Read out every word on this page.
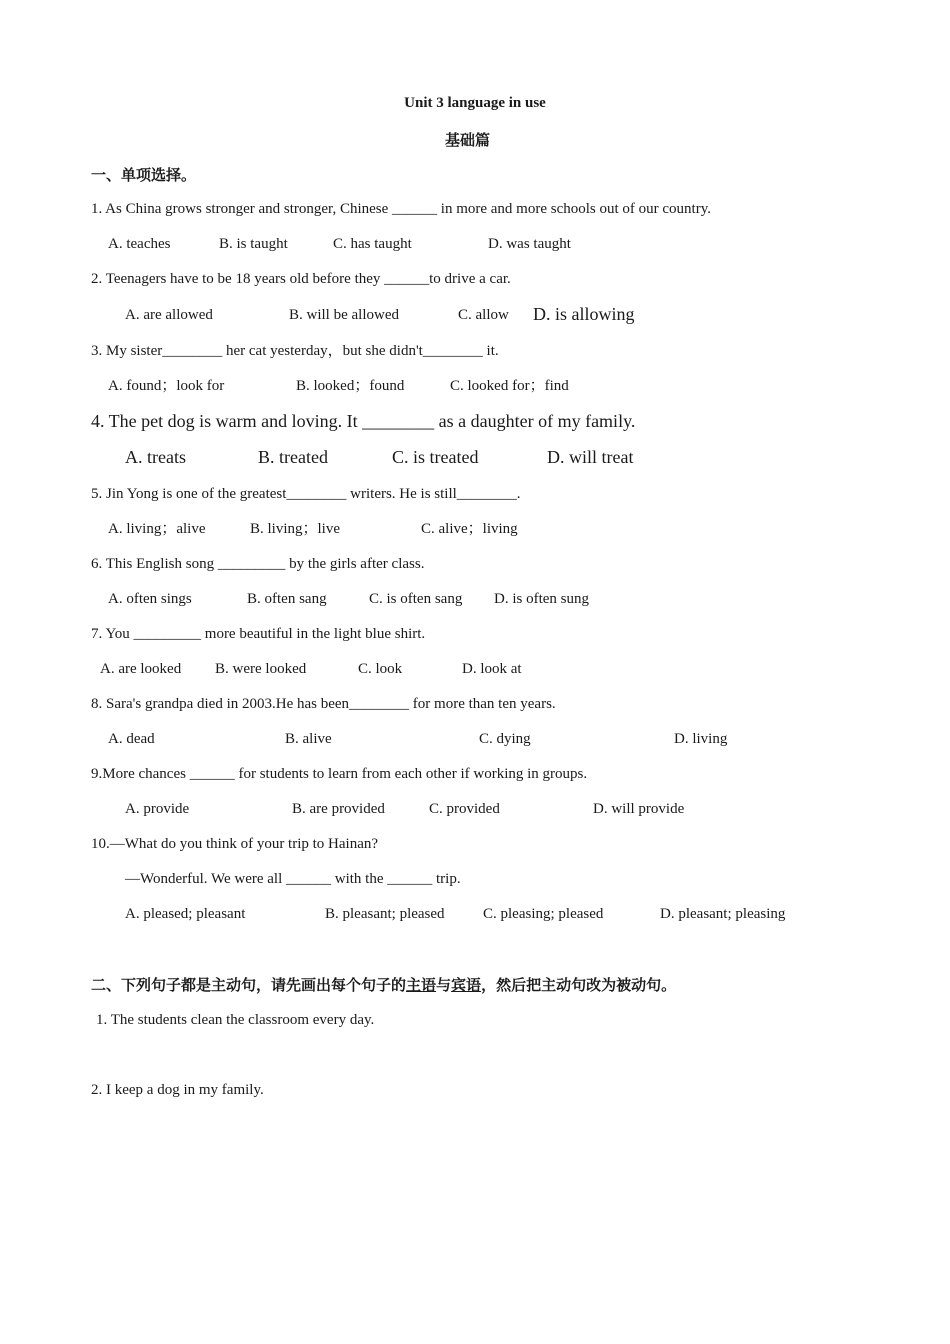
Unit 3 language in use
基础篇
一、单项选择。
1. As China grows stronger and stronger, Chinese ______ in more and more schools out of our country.
A. teaches	B. is taught	C. has taught	D. was taught
2. Teenagers have to be 18 years old before they ______to drive a car.
A. are allowed	B. will be allowed	C. allow D. is allowing
3. My sister________ her cat yesterday，but she didn't________ it.
A. found；look for	B. looked；found	C. looked for；find
4. The pet dog is warm and loving. It ________ as a daughter of my family.
A. treats	B. treated	C. is treated	D. will treat
5. Jin Yong is one of the greatest________ writers. He is still________.
A. living；alive	B. living；live	C. alive；living
6. This English song _________ by the girls after class.
A. often sings	B. often sang	C. is often sang D. is often sung
7. You _________ more beautiful in the light blue shirt.
A. are looked B. were looked	C. look	D. look at
8. Sara's grandpa died in 2003.He has been________ for more than ten years.
A. dead	B. alive	C. dying	D. living
9.More chances ______ for students to learn from each other if working in groups.
A. provide	B. are provided	C. provided	D. will provide
10.—What do you think of your trip to Hainan?
—Wonderful. We were all ______ with the ______ trip.
A. pleased; pleasant	B. pleasant; pleased	C. pleasing; pleased	D. pleasant; pleasing
二、下列句子都是主动句，请先画出每个句子的主语与宾语，然后把主动句改为被动句。
1. The students clean the classroom every day.
2. I keep a dog in my family.
